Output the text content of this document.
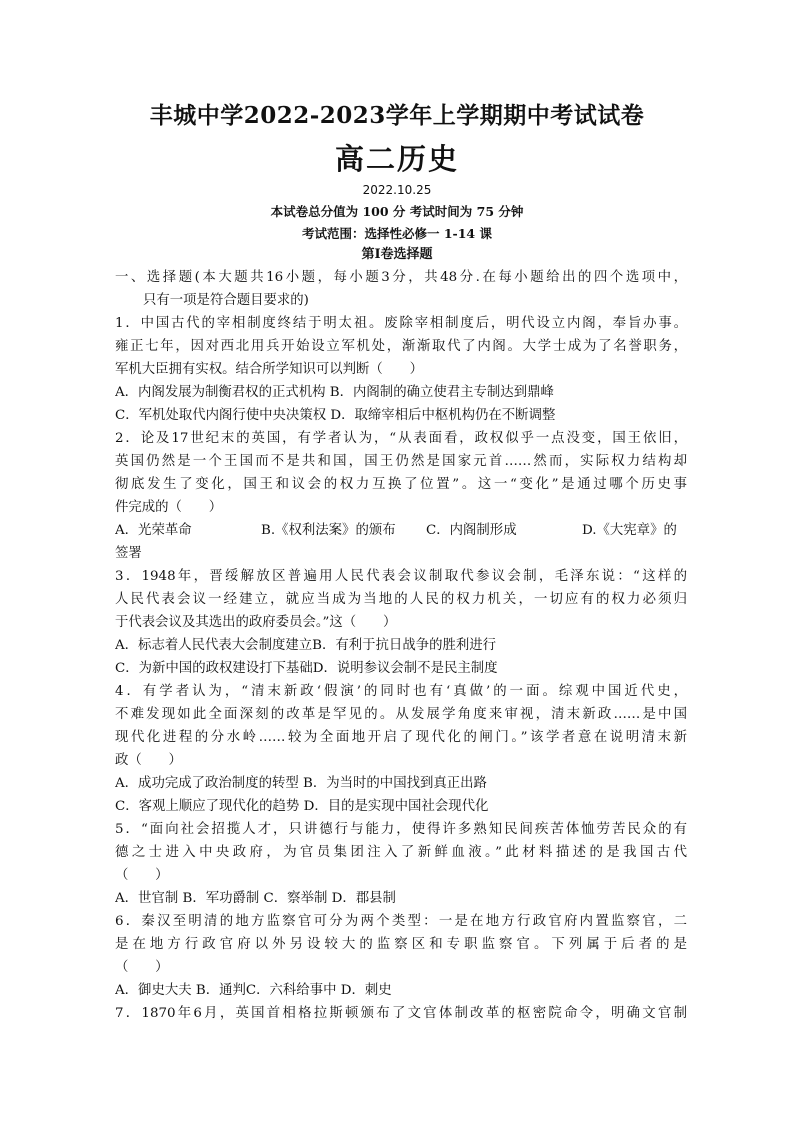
丰城中学2022-2023学年上学期期中考试试卷
高二历史
2022.10.25
本试卷总分值为 100 分 考试时间为 75 分钟
考试范围：选择性必修一 1-14 课
第Ⅰ卷选择题
一、选择题(本大题共16小题，每小题3分，共48分.在每小题给出的四个选项中，
只有一项是符合题目要求的)
1．中国古代的宰相制度终结于明太祖。废除宰相制度后，明代设立内阁，奉旨办事。
雍正七年，因对西北用兵开始设立军机处，渐渐取代了内阁。大学士成为了名誉职务，
军机大臣拥有实权。结合所学知识可以判断（　　）
A．内阁发展为制衡君权的正式机构 B．内阁制的确立使君主专制达到鼎峰
C．军机处取代内阁行使中央决策权 D．取缔宰相后中枢机构仍在不断调整
2．论及17世纪末的英国，有学者认为，“从表面看，政权似乎一点没变，国王依旧，
英国仍然是一个王国而不是共和国，国王仍然是国家元首……然而，实际权力结构却
彻底发生了变化，国王和议会的权力互换了位置”。这一“变化”是通过哪个历史事
件完成的（　　）
A．光荣革命	B.《权利法案》的颁布	C．内阁制形成	D.《大宪章》的
签署
3．1948年，晋绥解放区普遍用人民代表会议制取代参议会制，毛泽东说：“这样的
人民代表会议一经建立，就应当成为当地的人民的权力机关，一切应有的权力必须归
于代表会议及其选出的政府委员会。”这（　　）
A．标志着人民代表大会制度建立B．有利于抗日战争的胜利进行
C．为新中国的政权建设打下基础D．说明参议会制不是民主制度
4．有学者认为，“清末新政‘假演’的同时也有‘真做’的一面。综观中国近代史，
不难发现如此全面深刻的改革是罕见的。从发展学角度来审视，清末新政……是中国
现代化进程的分水岭……较为全面地开启了现代化的闸门。”该学者意在说明清末新
政（　　）
A．成功完成了政治制度的转型 B．为当时的中国找到真正出路
C．客观上顺应了现代化的趋势 D．目的是实现中国社会现代化
5．“面向社会招揽人才，只讲德行与能力，使得许多熟知民间疾苦体恤劳苦民众的有
德之士进入中央政府，为官员集团注入了新鲜血液。”此材料描述的是我国古代
（　　）
A．世官制 B．军功爵制 C．察举制 D．郡县制
6．秦汉至明清的地方监察官可分为两个类型：一是在地方行政官府内置监察官，二
是在地方行政官府以外另设较大的监察区和专职监察官。下列属于后者的是
（　　）
A．御史大夫 B．通判C．六科给事中 D．刺史
7．1870年6月，英国首相格拉斯顿颁布了文官体制改革的枢密院命令，明确文官制
